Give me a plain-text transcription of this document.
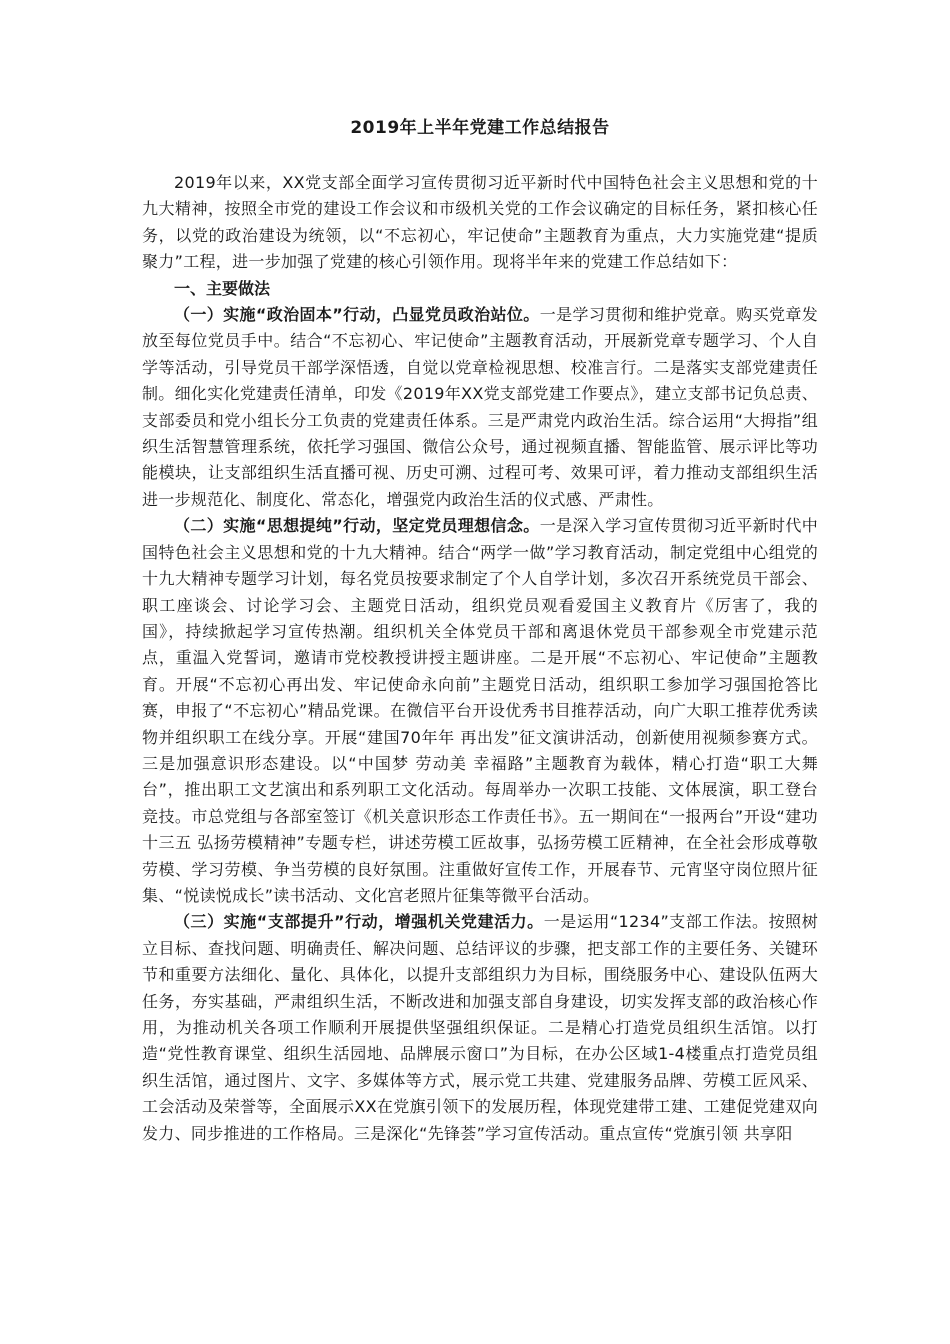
2019年上半年党建工作总结报告

2019年以来，XX党支部全面学习宣传贯彻习近平新时代中国特色社会主义思想和党的十九大精神，按照全市党的建设工作会议和市级机关党的工作会议确定的目标任务，紧扣核心任务，以党的政治建设为统领，以“不忘初心，牢记使命”主题教育为重点，大力实施党建“提质聚力”工程，进一步加强了党建的核心引领作用。现将半年来的党建工作总结如下：

一、主要做法

（一）实施“政治固本”行动，凸显党员政治站位。一是学习贯彻和维护党章。购买党章发放至每位党员手中。结合“不忘初心、牢记使命”主题教育活动，开展新党章专题学习、个人自学等活动，引导党员干部学深悟透，自觉以党章检视思想、校准言行。二是落实支部党建责任制。细化实化党建责任清单，印发《2019年XX党支部党建工作要点》，建立支部书记负总责、支部委员和党小组长分工负责的党建责任体系。三是严肃党内政治生活。综合运用“大拇指”组织生活智慧管理系统，依托学习强国、微信公众号，通过视频直播、智能监管、展示评比等功能模块，让支部组织生活直播可视、历史可溯、过程可考、效果可评，着力推动支部组织生活进一步规范化、制度化、常态化，增强党内政治生活的仪式感、严肃性。

（二）实施“思想提纯”行动，坚定党员理想信念。一是深入学习宣传贯彻习近平新时代中国特色社会主义思想和党的十九大精神。结合“两学一做”学习教育活动，制定党组中心组党的十九大精神专题学习计划，每名党员按要求制定了个人自学计划，多次召开系统党员干部会、职工座谈会、讨论学习会、主题党日活动，组织党员观看爱国主义教育片《厉害了，我的国》，持续掀起学习宣传热潮。组织机关全体党员干部和离退休党员干部参观全市党建示范点，重温入党誓词，邀请市党校教授讲授主题讲座。二是开展“不忘初心、牢记使命”主题教育。开展“不忘初心再出发、牢记使命永向前”主题党日活动，组织职工参加学习强国抢答比赛，申报了“不忘初心”精品党课。在微信平台开设优秀书目推荐活动，向广大职工推荐优秀读物并组织职工在线分享。开展“建国70年年 再出发”征文演讲活动，创新使用视频参赛方式。三是加强意识形态建设。以“中国梦 劳动美 幸福路”主题教育为载体，精心打造“职工大舞台”，推出职工文艺演出和系列职工文化活动。每周举办一次职工技能、文体展演，职工登台竞技。市总党组与各部室签订《机关意识形态工作责任书》。五一期间在“一报两台”开设“建功十三五 弘扬劳模精神”专题专栏，讲述劳模工匠故事，弘扬劳模工匠精神，在全社会形成尊敬劳模、学习劳模、争当劳模的良好氛围。注重做好宣传工作，开展春节、元宵坚守岗位照片征集、“悦读悦成长”读书活动、文化宫老照片征集等微平台活动。

（三）实施“支部提升”行动，增强机关党建活力。一是运用“1234”支部工作法。按照树立目标、查找问题、明确责任、解决问题、总结评议的步骤，把支部工作的主要任务、关键环节和重要方法细化、量化、具体化，以提升支部组织力为目标，围绕服务中心、建设队伍两大任务，夯实基础，严肃组织生活，不断改进和加强支部自身建设，切实发挥支部的政治核心作用，为推动机关各项工作顺利开展提供坚强组织保证。二是精心打造党员组织生活馆。以打造“党性教育课堂、组织生活园地、品牌展示窗口”为目标，在办公区域1-4楼重点打造党员组织生活馆，通过图片、文字、多媒体等方式，展示党工共建、党建服务品牌、劳模工匠风采、工会活动及荣誉等，全面展示XX在党旗引领下的发展历程，体现党建带工建、工建促党建双向发力、同步推进的工作格局。三是深化“先锋荟”学习宣传活动。重点宣传“党旗引领 共享阳
